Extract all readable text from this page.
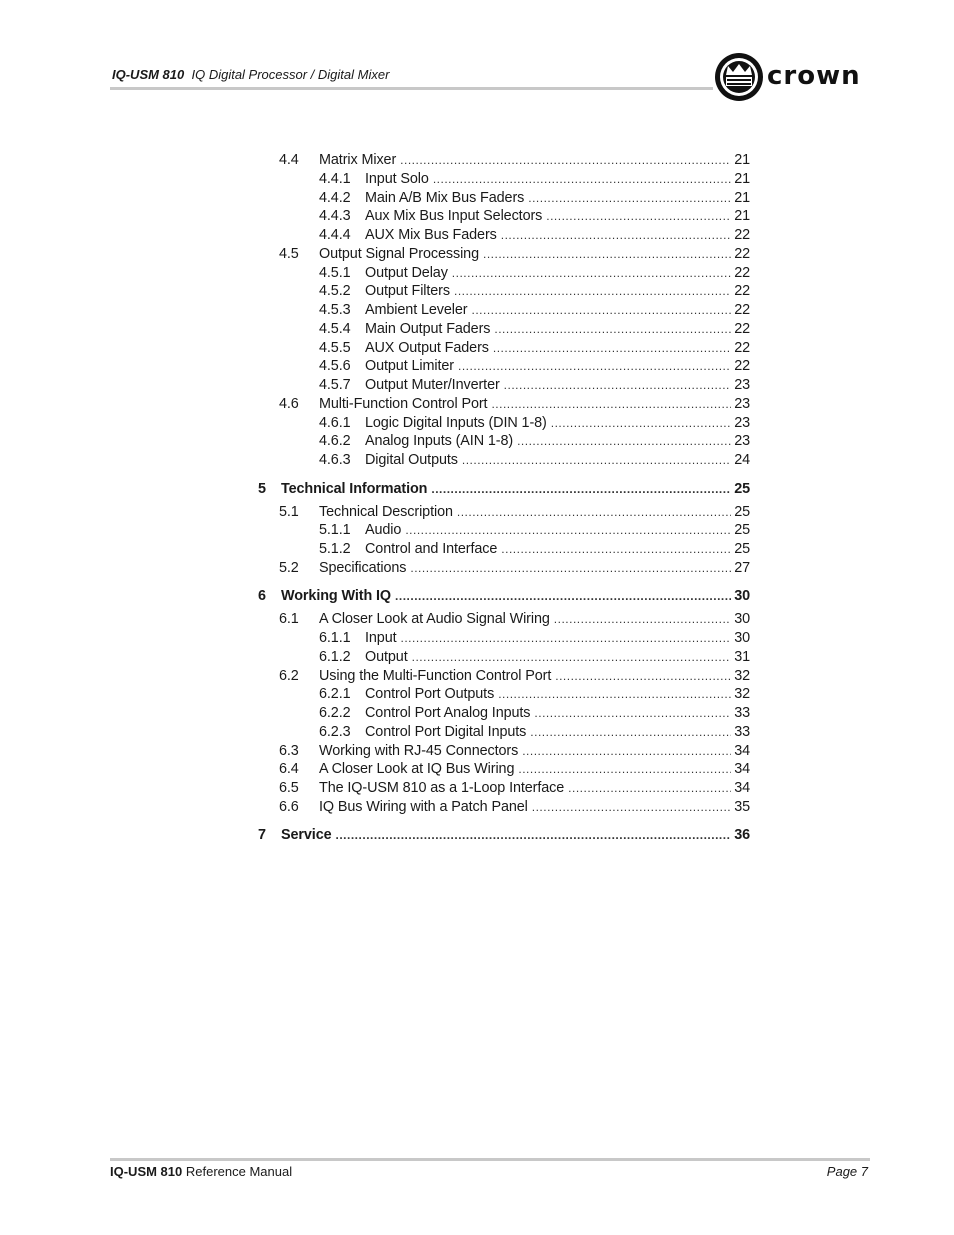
IQ-USM 810 IQ Digital Processor / Digital Mixer	crown
4.4	Matrix Mixer .....	21
4.4.1	Input Solo .....	21
4.4.2	Main A/B Mix Bus Faders .....	21
4.4.3	Aux Mix Bus Input Selectors .....	21
4.4.4	AUX Mix Bus Faders .....	22
4.5	Output Signal Processing .....	22
4.5.1	Output Delay .....	22
4.5.2	Output Filters .....	22
4.5.3	Ambient Leveler .....	22
4.5.4	Main Output Faders .....	22
4.5.5	AUX Output Faders .....	22
4.5.6	Output Limiter .....	22
4.5.7	Output Muter/Inverter .....	23
4.6	Multi-Function Control Port .....	23
4.6.1	Logic Digital Inputs (DIN 1-8) .....	23
4.6.2	Analog Inputs (AIN 1-8) .....	23
4.6.3	Digital Outputs .....	24
5	Technical Information .....	25
5.1	Technical Description .....	25
5.1.1	Audio .....	25
5.1.2	Control and Interface .....	25
5.2	Specifications .....	27
6	Working With IQ .....	30
6.1	A Closer Look at Audio Signal Wiring .....	30
6.1.1	Input .....	30
6.1.2	Output .....	31
6.2	Using the Multi-Function Control Port .....	32
6.2.1	Control Port Outputs .....	32
6.2.2	Control Port Analog Inputs .....	33
6.2.3	Control Port Digital Inputs .....	33
6.3	Working with RJ-45 Connectors .....	34
6.4	A Closer Look at IQ Bus Wiring .....	34
6.5	The IQ-USM 810 as a 1-Loop Interface .....	34
6.6	IQ Bus Wiring with a Patch Panel .....	35
7	Service .....	36
IQ-USM 810 Reference Manual	Page 7
